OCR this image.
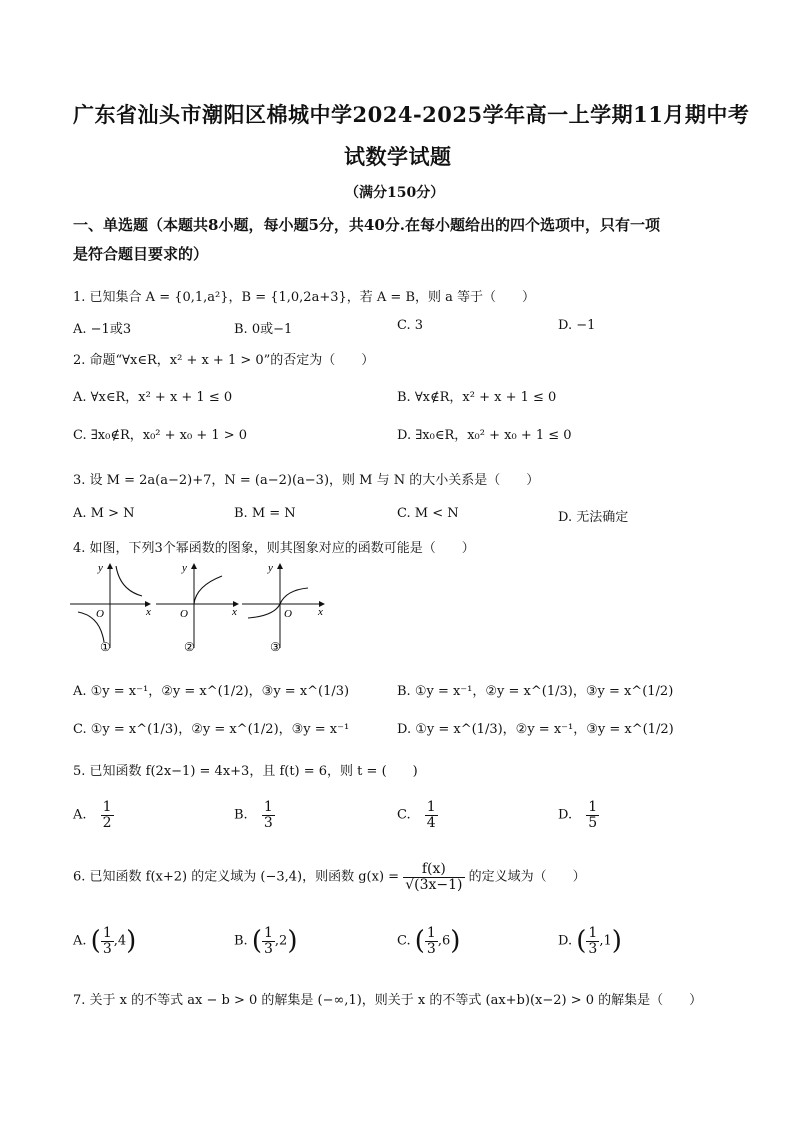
广东省汕头市潮阳区棉城中学2024-2025学年高一上学期11月期中考
试数学试题
（满分150分）
一、单选题（本题共8小题，每小题5分，共40分.在每小题给出的四个选项中，只有一项
是符合题目要求的）
1. 已知集合 A = {0,1,a²}，B = {1,0,2a+3}，若 A = B，则 a 等于（　　）
A. −1或3	B. 0或−1	C. 3	D. −1
2. 命题“∀x∈R，x² + x + 1 > 0”的否定为（　　）
A. ∀x∈R，x² + x + 1 ≤ 0	B. ∀x∉R，x² + x + 1 ≤ 0
C. ∃x₀∉R，x₀² + x₀ + 1 > 0	D. ∃x₀∈R，x₀² + x₀ + 1 ≤ 0
3. 设 M = 2a(a−2)+7，N = (a−2)(a−3)，则 M 与 N 的大小关系是（　　）
A. M > N	B. M = N	C. M < N	D. 无法确定
4. 如图，下列3个幂函数的图象，则其图象对应的函数可能是（　　）
y
x
O
①
y
x
O
②
y
x
O
③
A. ①y = x⁻¹，②y = x^(1/2)，③y = x^(1/3)	B. ①y = x⁻¹，②y = x^(1/3)，③y = x^(1/2)
C. ①y = x^(1/3)，②y = x^(1/2)，③y = x⁻¹	D. ①y = x^(1/3)，②y = x⁻¹，③y = x^(1/2)
5. 已知函数 f(2x−1) = 4x+3，且 f(t) = 6，则 t = (　　)
A. $\frac{1}{2}$	B. $\frac{1}{3}$	C. $\frac{1}{4}$	D. $\frac{1}{5}$
6. 已知函数 f(x+2) 的定义域为 (−3,4)，则函数 $g(x) = \frac{f(x)}{√(3x-1)}$ 的定义域为（　　）
A. ( $\frac{1}{3} ,4$)	B. ( $\frac{1}{3} ,2$)	C. ( $\frac{1}{3} ,6$)	D. ( $\frac{1}{3} ,1$)
7. 关于 x 的不等式 ax − b > 0 的解集是 (−∞,1)，则关于 x 的不等式 (ax+b)(x−2) > 0 的解集是（　　）
